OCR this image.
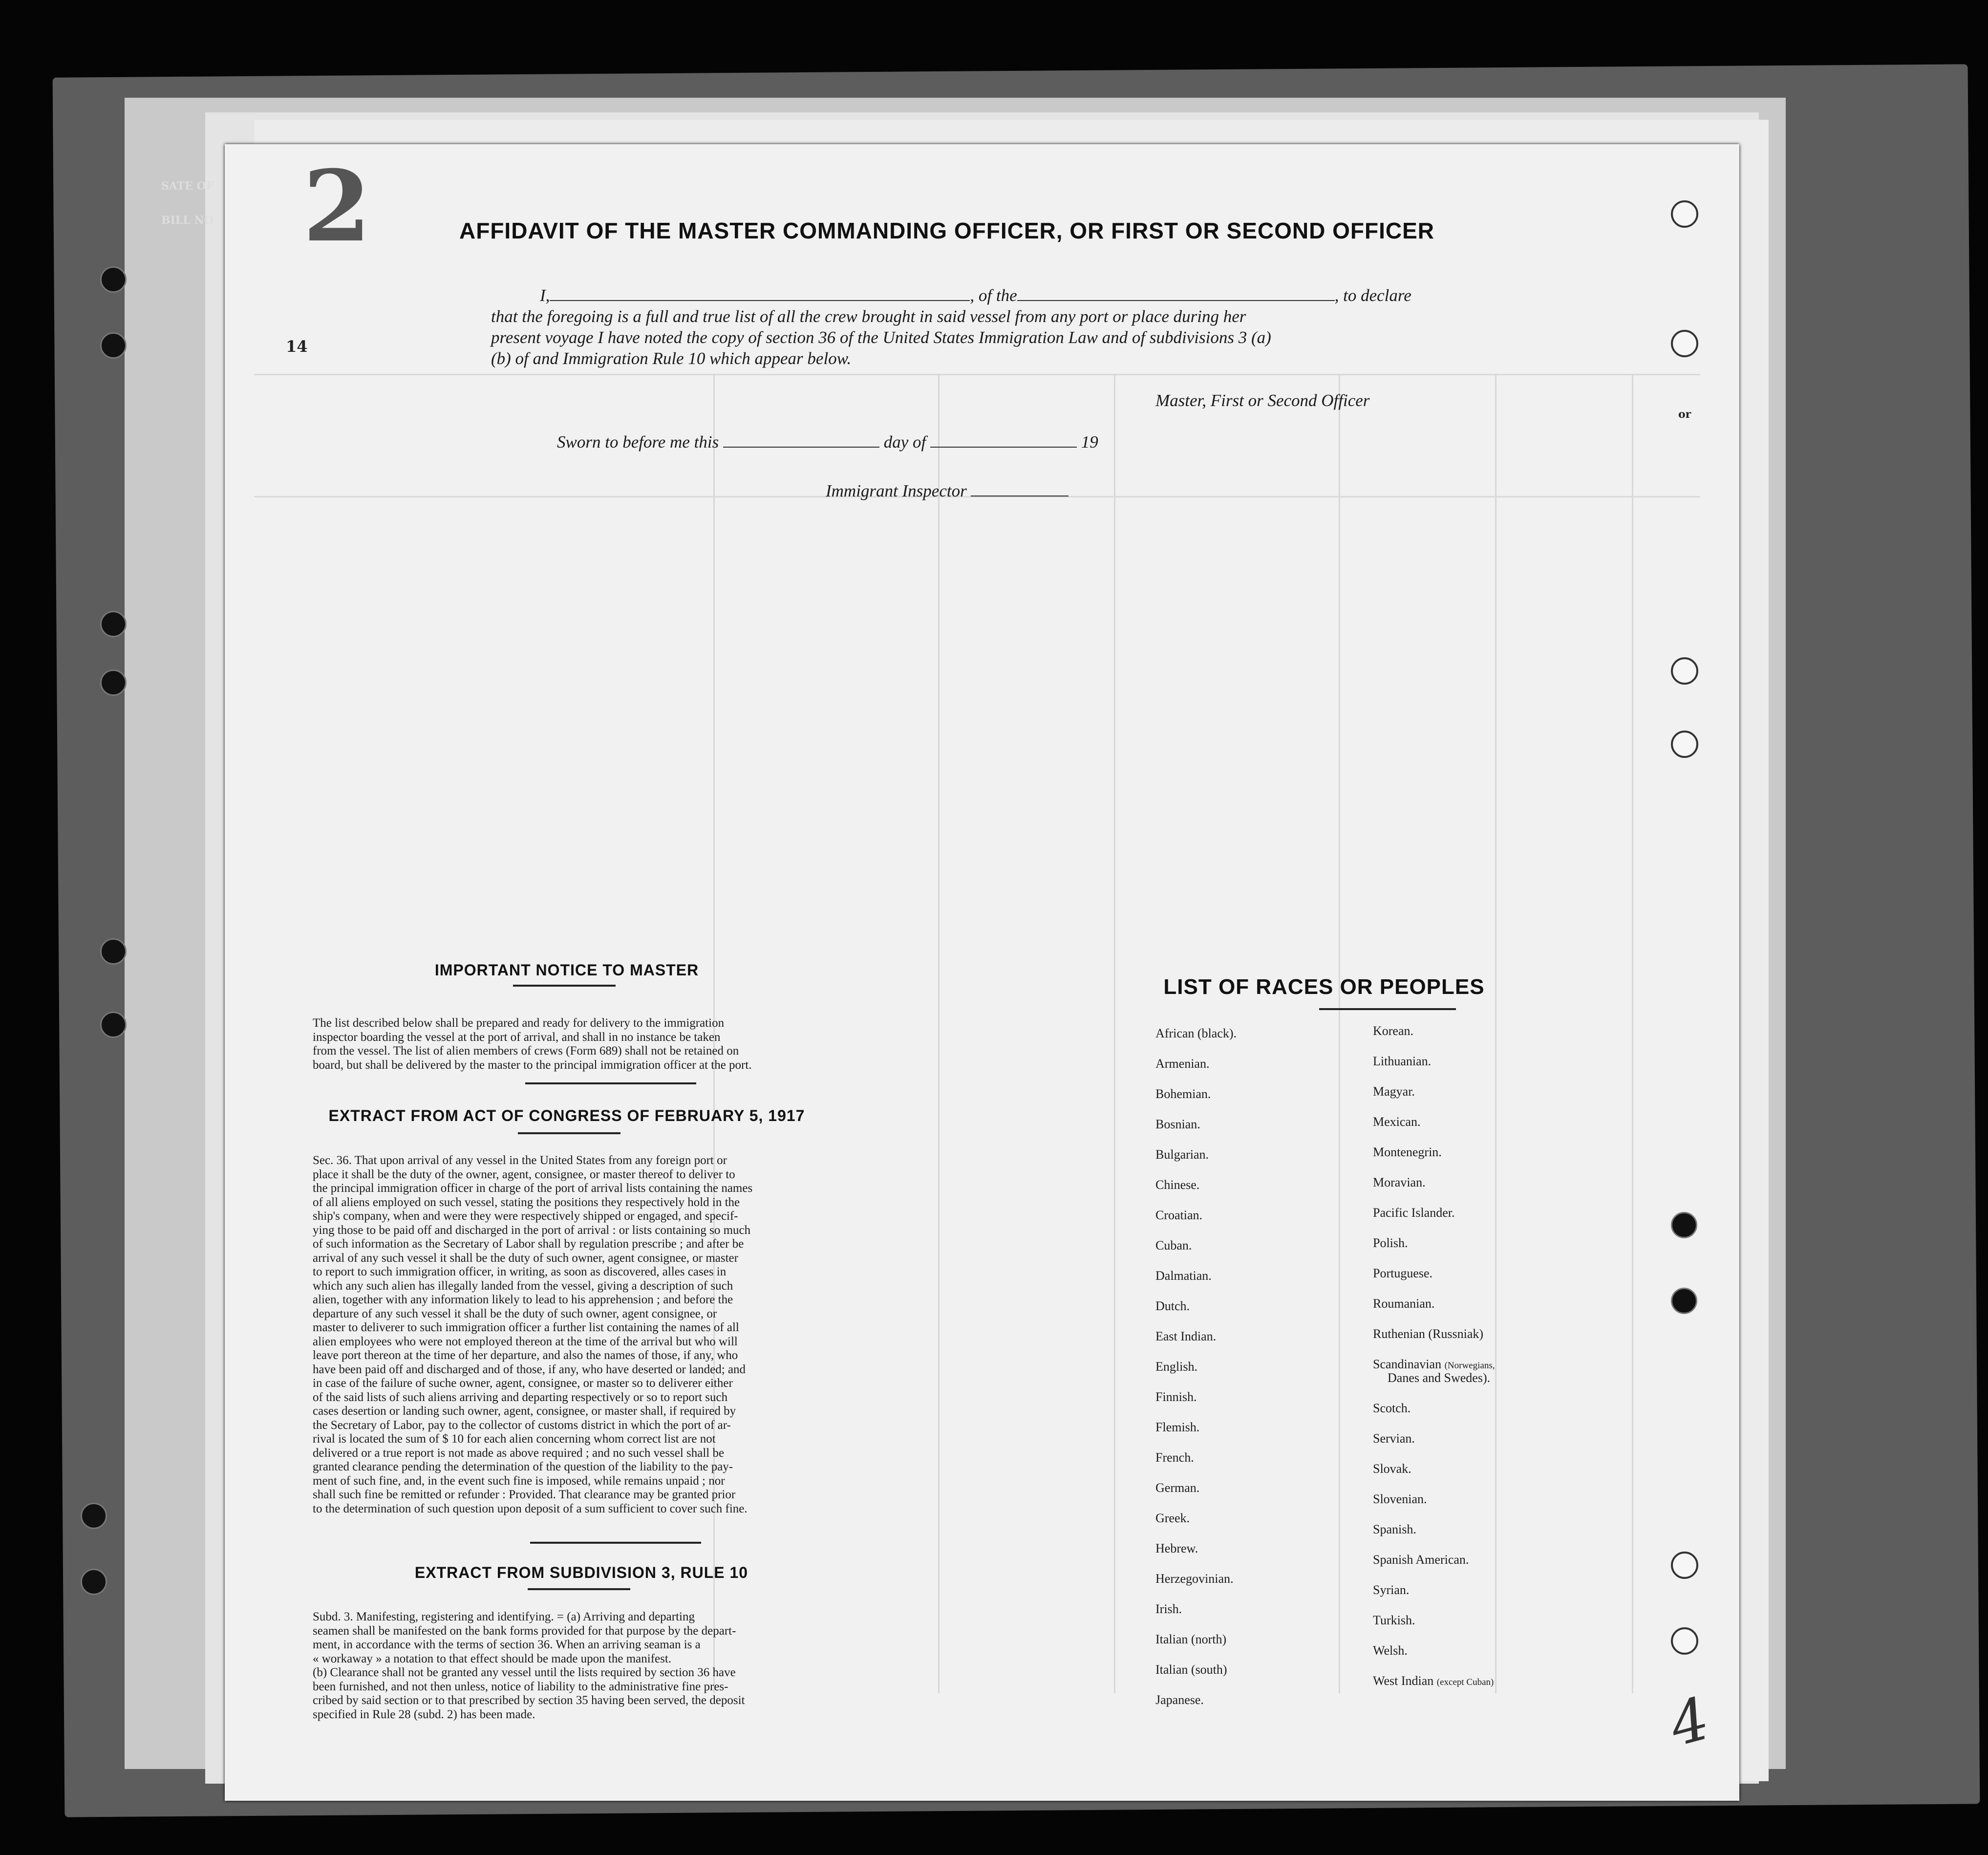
SATE OF
BILL NO 2
14
AFFIDAVIT OF THE MASTER COMMANDING OFFICER, OR FIRST OR SECOND OFFICER
I,	, of the	, to declare
that the foregoing is a full and true list of all the crew brought in said vessel from any port or place during her
present voyage I have noted the copy of section 36 of the United States Immigration Law and of subdivisions 3 (a)
(b) of and Immigration Rule 10 which appear below.
Master, First or Second Officer
Sworn to before me this	day of	19
Immigrant Inspector
IMPORTANT NOTICE TO MASTER
The list described below shall be prepared and ready for delivery to the immigration
inspector boarding the vessel at the port of arrival, and shall in no instance be taken
from the vessel. The list of alien members of crews (Form 689) shall not be retained on
board, but shall be delivered by the master to the principal immigration officer at the port.
EXTRACT FROM ACT OF CONGRESS OF FEBRUARY 5, 1917
Sec. 36. That upon arrival of any vessel in the United States from any foreign port or
place it shall be the duty of the owner, agent, consignee, or master thereof to deliver to
the principal immigration officer in charge of the port of arrival lists containing the names
of all aliens employed on such vessel, stating the positions they respectively hold in the
ship's company, when and were they were respectively shipped or engaged, and specif-
ying those to be paid off and discharged in the port of arrival : or lists containing so much
of such information as the Secretary of Labor shall by regulation prescribe ; and after be
arrival of any such vessel it shall be the duty of such owner, agent consignee, or master
to report to such immigration officer, in writing, as soon as discovered, alles cases in
which any such alien has illegally landed from the vessel, giving a description of such
alien, together with any information likely to lead to his apprehension ; and before the
departure of any such vessel it shall be the duty of such owner, agent consignee, or
master to deliverer to such immigration officer a further list containing the names of all
alien employees who were not employed thereon at the time of the arrival but who will
leave port thereon at the time of her departure, and also the names of those, if any, who
have been paid off and discharged and of those, if any, who have deserted or landed; and
in case of the failure of suche owner, agent, consignee, or master so to deliverer either
of the said lists of such aliens arriving and departing respectively or so to report such
cases desertion or landing such owner, agent, consignee, or master shall, if required by
the Secretary of Labor, pay to the collector of customs district in which the port of ar-
rival is located the sum of $ 10 for each alien concerning whom correct list are not
delivered or a true report is not made as above required ; and no such vessel shall be
granted clearance pending the determination of the question of the liability to the pay-
ment of such fine, and, in the event such fine is imposed, while remains unpaid ; nor
shall such fine be remitted or refunder : Provided. That clearance may be granted prior
to the determination of such question upon deposit of a sum sufficient to cover such fine.
EXTRACT FROM SUBDIVISION 3, RULE 10
Subd. 3. Manifesting, registering and identifying. = (a) Arriving and departing
seamen shall be manifested on the bank forms provided for that purpose by the depart-
ment, in accordance with the terms of section 36. When an arriving seaman is a
« workaway » a notation to that effect should be made upon the manifest.
(b) Clearance shall not be granted any vessel until the lists required by section 36 have
been furnished, and not then unless, notice of liability to the administrative fine pres-
cribed by said section or to that prescribed by section 35 having been served, the deposit
specified in Rule 28 (subd. 2) has been made.
LIST OF RACES OR PEOPLES
African (black).
Armenian.
Bohemian.
Bosnian.
Bulgarian.
Chinese.
Croatian.
Cuban.
Dalmatian.
Dutch.
East Indian.
English.
Finnish.
Flemish.
French.
German.
Greek.
Hebrew.
Herzegovinian.
Irish.
Italian (north)
Italian (south)
Japanese.
Korean.
Lithuanian.
Magyar.
Mexican.
Montenegrin.
Moravian.
Pacific Islander.
Polish.
Portuguese.
Roumanian.
Ruthenian (Russniak)
Scandinavian (Norwegians,
Danes and Swedes).
Scotch.
Servian.
Slovak.
Slovenian.
Spanish.
Spanish American.
Syrian.
Turkish.
Welsh.
West Indian (except Cuban)
or
4
